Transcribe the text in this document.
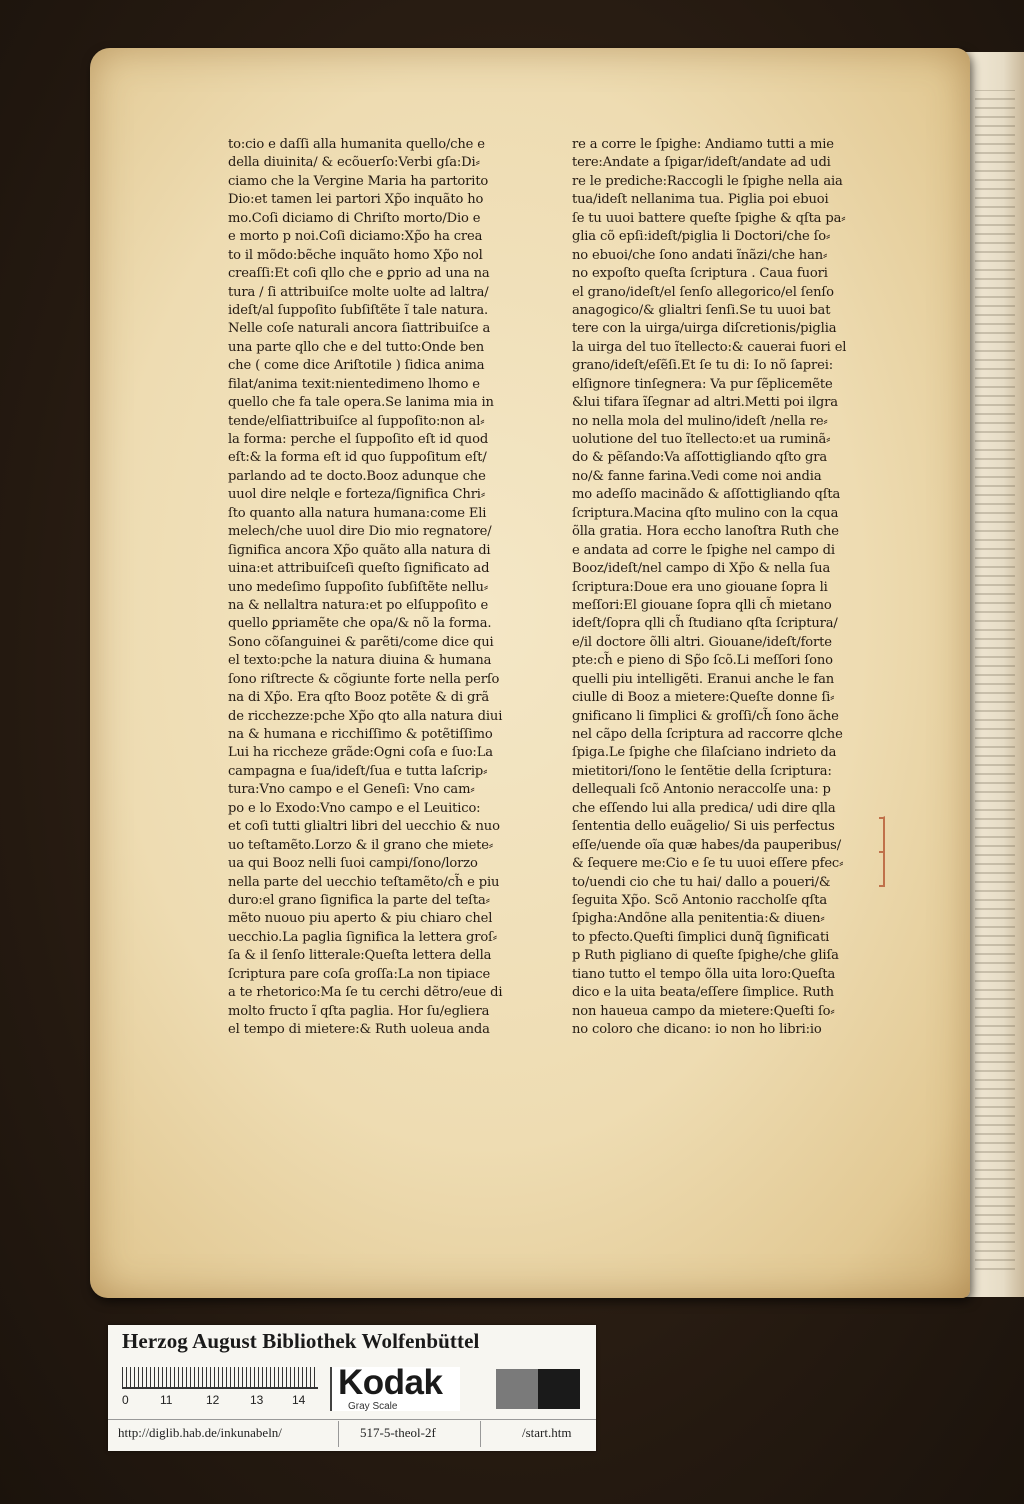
to:cio e daſſi alla humanita quello/che e
della diuinita/ & ecõuerſo:Verbi gſa:Di⸗
ciamo che la Vergine Maria ha partorito
Dio:et tamen lei partori Xp̃o inquãto ho
mo.Coſi diciamo di Chriſto morto/Dio e
e morto p noi.Coſi diciamo:Xp̃o ha crea
to il mõdo:bẽche inquãto homo Xp̃o nol
creaſſi:Et coſi qllo che e ꝑprio ad una na
tura / ſi attribuiſce molte uolte ad laltra/
ideſt/al ſuppoſito ſubſiſtẽte ĩ tale natura.
Nelle coſe naturali ancora ſiattribuiſce a
una parte qllo che e del tutto:Onde ben
che ( come dice Ariſtotile ) ſidica anima
filat/anima texit:nientedimeno lhomo e
quello che fa tale opera.Se lanima mia in
tende/elſiattribuiſce al ſuppoſito:non al⸗
la forma: perche el ſuppoſito eſt id quod
eſt:& la forma eſt id quo ſuppoſitum eſt/
parlando ad te docto.Booz adunque che
uuol dire nelqle e forteza/ſignifica Chri⸗
ſto quanto alla natura humana:come Eli
melech/che uuol dire Dio mio regnatore/
ſignifica ancora Xp̃o quãto alla natura di
uina:et attribuiſceſi queſto ſignificato ad
uno medeſimo ſuppoſito ſubſiſtẽte nellu⸗
na & nellaltra natura:et po elſuppoſito e
quello ꝑpriamẽte che opa/& nõ la forma.
Sono cõſanguinei & parẽti/come dice qui
el texto:pche la natura diuina & humana
ſono riſtrecte & cõgiunte forte nella perſo
na di Xp̃o. Era qſto Booz potẽte & di grã
de ricchezze:pche Xp̃o qto alla natura diui
na & humana e ricchiſſimo & potẽtiſſimo
Lui ha riccheze grãde:Ogni coſa e ſuo:La
campagna e ſua/ideſt/ſua e tutta laſcrip⸗
tura:Vno campo e el Geneſi: Vno cam⸗
po e lo Exodo:Vno campo e el Leuitico:
et coſi tutti glialtri libri del uecchio & nuo
uo teſtamẽto.Lorzo & il grano che miete⸗
ua qui Booz nelli ſuoi campi/ſono/lorzo
nella parte del uecchio teſtamẽto/ch̃ e piu
duro:el grano ſignifica la parte del teſta⸗
mẽto nuouo piu aperto & piu chiaro chel
uecchio.La paglia ſignifica la lettera groſ⸗
ſa & il ſenſo litterale:Queſta lettera della
ſcriptura pare coſa groſſa:La non tipiace
a te rhetorico:Ma ſe tu cerchi dẽtro/eue di
molto fructo ĩ qſta paglia. Hor ſu/egliera
el tempo di mietere:& Ruth uoleua anda
re a corre le ſpighe: Andiamo tutti a mie
tere:Andate a ſpigar/ideſt/andate ad udi
re le prediche:Raccogli le ſpighe nella aia
tua/ideſt nellanima tua. Piglia poi ebuoi
ſe tu uuoi battere queſte ſpighe & qſta pa⸗
glia cõ epſi:ideſt/piglia li Doctori/che ſo⸗
no ebuoi/che ſono andati ĩnãzi/che han⸗
no expoſto queſta ſcriptura . Caua fuori
el grano/ideſt/el ſenſo allegorico/el ſenſo
anagogico/& glialtri ſenſi.Se tu uuoi bat
tere con la uirga/uirga diſcretionis/piglia
la uirga del tuo ĩtellecto:& cauerai fuori el
grano/ideſt/eſẽſi.Et ſe tu di: Io nõ ſaprei:
elſignore tinſegnera: Va pur ſẽplicemẽte
&lui tifara ĩſegnar ad altri.Metti poi ilgra
no nella mola del mulino/ideſt /nella re⸗
uolutione del tuo ĩtellecto:et ua ruminã⸗
do & pẽſando:Va aſſottigliando qſto gra
no/& fanne farina.Vedi come noi andia
mo adeſſo macinãdo & aſſottigliando qſta
ſcriptura.Macina qſto mulino con la cqua
õlla gratia. Hora eccho lanoſtra Ruth che
e andata ad corre le ſpighe nel campo di
Booz/ideſt/nel campo di Xp̃o & nella ſua
ſcriptura:Doue era uno giouane ſopra li
meſſori:El giouane ſopra qlli ch̃ mietano
ideſt/ſopra qlli ch̃ ſtudiano qſta ſcriptura/
e/il doctore õlli altri. Giouane/ideſt/forte
pte:ch̃ e pieno di Sp̃o ſcõ.Li meſſori ſono
quelli piu intelligẽti. Eranui anche le fan
ciulle di Booz a mietere:Queſte donne ſi⸗
gnificano li ſimplici & groſſi/ch̃ ſono ãche
nel cãpo della ſcriptura ad raccorre qlche
ſpiga.Le ſpighe che ſilaſciano indrieto da
mietitori/ſono le ſentẽtie della ſcriptura:
dellequali ſcõ Antonio neraccolſe una: p
che eſſendo lui alla predica/ udi dire qlla
ſententia dello euãgelio/ Si uis perfectus
eſſe/uende oĩa quæ habes/da pauperibus/
& ſequere me:Cio e ſe tu uuoi eſſere pfec⸗
to/uendi cio che tu hai/ dallo a poueri/&
ſeguita Xp̃o. Scõ Antonio raccholſe qſta
ſpigha:Andõne alla penitentia:& diuen⸗
to pfecto.Queſti ſimplici dunq̃ ſignificati
p Ruth pigliano di queſte ſpighe/che gliſa
tiano tutto el tempo õlla uita loro:Queſta
dico e la uita beata/eſſere ſimplice. Ruth
non haueua campo da mietere:Queſti ſo⸗
no coloro che dicano: io non ho libri:io
Herzog August Bibliothek Wolfenbüttel
0	11	12	13 14 Kodak
Gray Scale
http://diglib.hab.de/inkunabeln/	517-5-theol-2f	/start.htm
